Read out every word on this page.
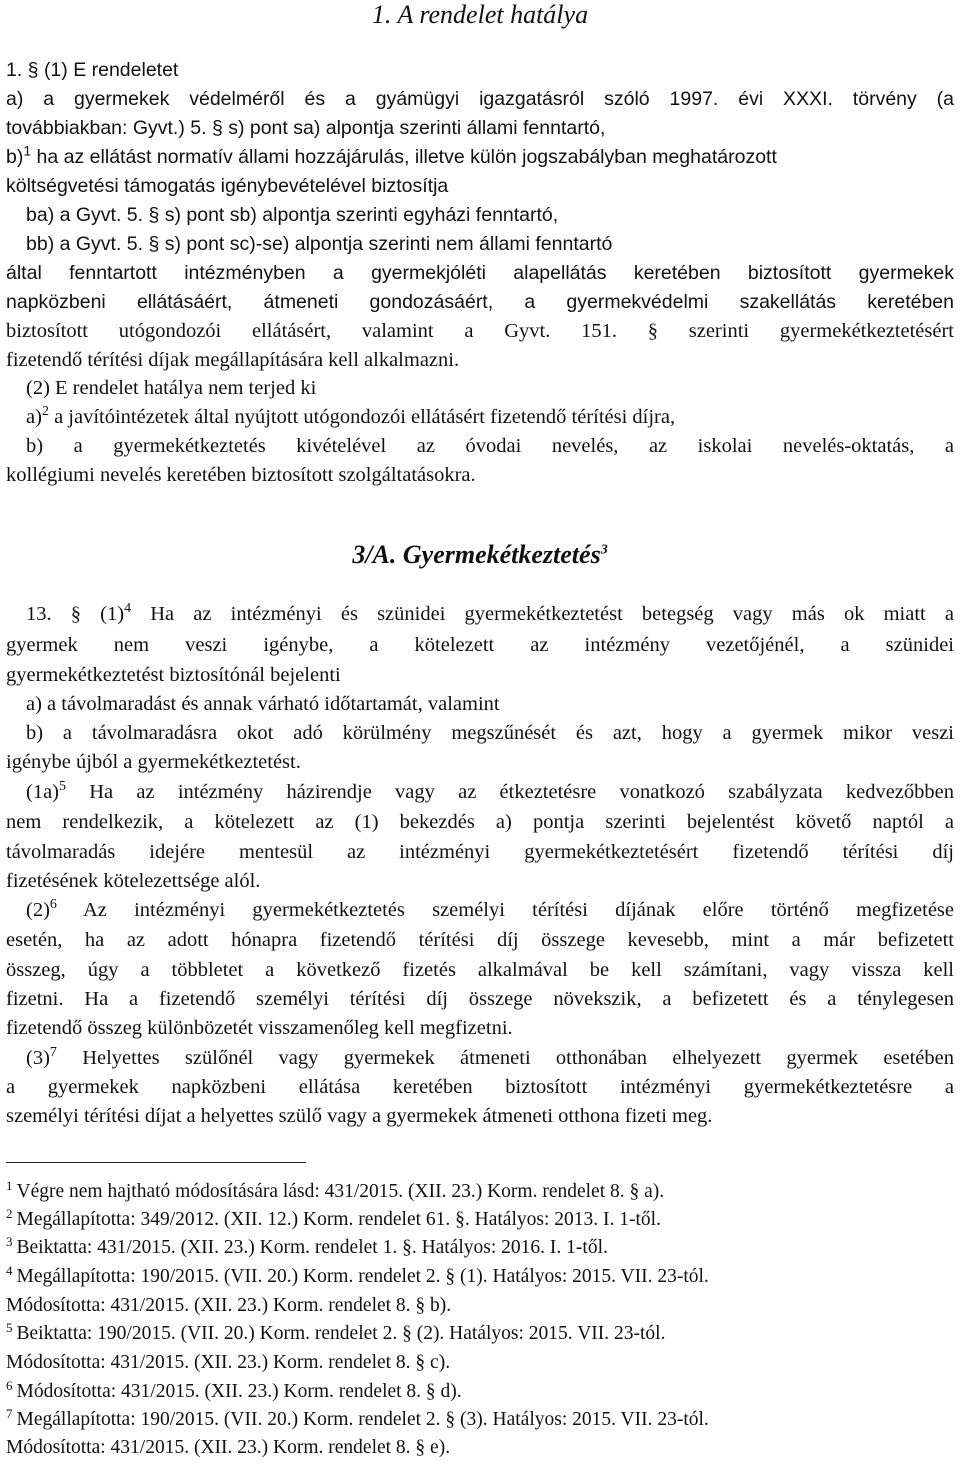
1. A rendelet hatálya
1. § (1) E rendeletet
a) a gyermekek védelméről és a gyámügyi igazgatásról szóló 1997. évi XXXI. törvény (a
továbbiakban: Gyvt.) 5. § s) pont sa) alpontja szerinti állami fenntartó,
b)$^1$ ha az ellátást normatív állami hozzájárulás, illetve külön jogszabályban meghatározott
költségvetési támogatás igénybevételével biztosítja
ba) a Gyvt. 5. § s) pont sb) alpontja szerinti egyházi fenntartó,
bb) a Gyvt. 5. § s) pont sc)-se) alpontja szerinti nem állami fenntartó
által fenntartott intézményben a gyermekjóléti alapellátás keretében biztosított gyermekek
napközbeni ellátásáért, átmeneti gondozásáért, a gyermekvédelmi szakellátás keretében
biztosított utógondozói ellátásért, valamint a Gyvt. 151. § szerinti gyermekétkeztetésért
fizetendő térítési díjak megállapítására kell alkalmazni.
(2) E rendelet hatálya nem terjed ki
a)$^2$ a javítóintézetek által nyújtott utógondozói ellátásért fizetendő térítési díjra,
b) a gyermekétkeztetés kivételével az óvodai nevelés, az iskolai nevelés-oktatás, a
kollégiumi nevelés keretében biztosított szolgáltatásokra.
3/A. Gyermekétkeztetés$^3$
13. § $(1)^4$ Ha az intézményi és szünidei gyermekétkeztetést betegség vagy más ok miatt a
gyermek nem veszi igénybe, a kötelezett az intézmény vezetőjénél, a szünidei
gyermekétkeztetést biztosítónál bejelenti
a) a távolmaradást és annak várható időtartamát, valamint
b) a távolmaradásra okot adó körülmény megszűnését és azt, hogy a gyermek mikor veszi
igénybe újból a gyermekétkeztetést.
$(1a)^5$ Ha az intézmény házirendje vagy az étkeztetésre vonatkozó szabályzata kedvezőbben
nem rendelkezik, a kötelezett az (1) bekezdés a) pontja szerinti bejelentést követő naptól a
távolmaradás idejére mentesül az intézményi gyermekétkeztetésért fizetendő térítési díj
fizetésének kötelezettsége alól.
$(2)^6$ Az intézményi gyermekétkeztetés személyi térítési díjának előre történő megfizetése
esetén, ha az adott hónapra fizetendő térítési díj összege kevesebb, mint a már befizetett
összeg, úgy a többletet a következő fizetés alkalmával be kell számítani, vagy vissza kell
fizetni. Ha a fizetendő személyi térítési díj összege növekszik, a befizetett és a ténylegesen
fizetendő összeg különbözetét visszamenőleg kell megfizetni.
$(3)^7$ Helyettes szülőnél vagy gyermekek átmeneti otthonában elhelyezett gyermek esetében
a gyermekek napközbeni ellátása keretében biztosított intézményi gyermekétkeztetésre a
személyi térítési díjat a helyettes szülő vagy a gyermekek átmeneti otthona fizeti meg.
$^1$ Végre nem hajtható módosítására lásd: 431/2015. (XII. 23.) Korm. rendelet 8. § a).
$^2$ Megállapította: 349/2012. (XII. 12.) Korm. rendelet 61. §. Hatályos: 2013. I. 1-től.
$^3$ Beiktatta: 431/2015. (XII. 23.) Korm. rendelet 1. §. Hatályos: 2016. I. 1-től.
$^4$ Megállapította: 190/2015. (VII. 20.) Korm. rendelet 2. § (1). Hatályos: 2015. VII. 23-tól.
Módosította: 431/2015. (XII. 23.) Korm. rendelet 8. § b).
$^5$ Beiktatta: 190/2015. (VII. 20.) Korm. rendelet 2. § (2). Hatályos: 2015. VII. 23-tól.
Módosította: 431/2015. (XII. 23.) Korm. rendelet 8. § c).
$^6$ Módosította: 431/2015. (XII. 23.) Korm. rendelet 8. § d).
$^7$ Megállapította: 190/2015. (VII. 20.) Korm. rendelet 2. § (3). Hatályos: 2015. VII. 23-tól.
Módosította: 431/2015. (XII. 23.) Korm. rendelet 8. § e).
